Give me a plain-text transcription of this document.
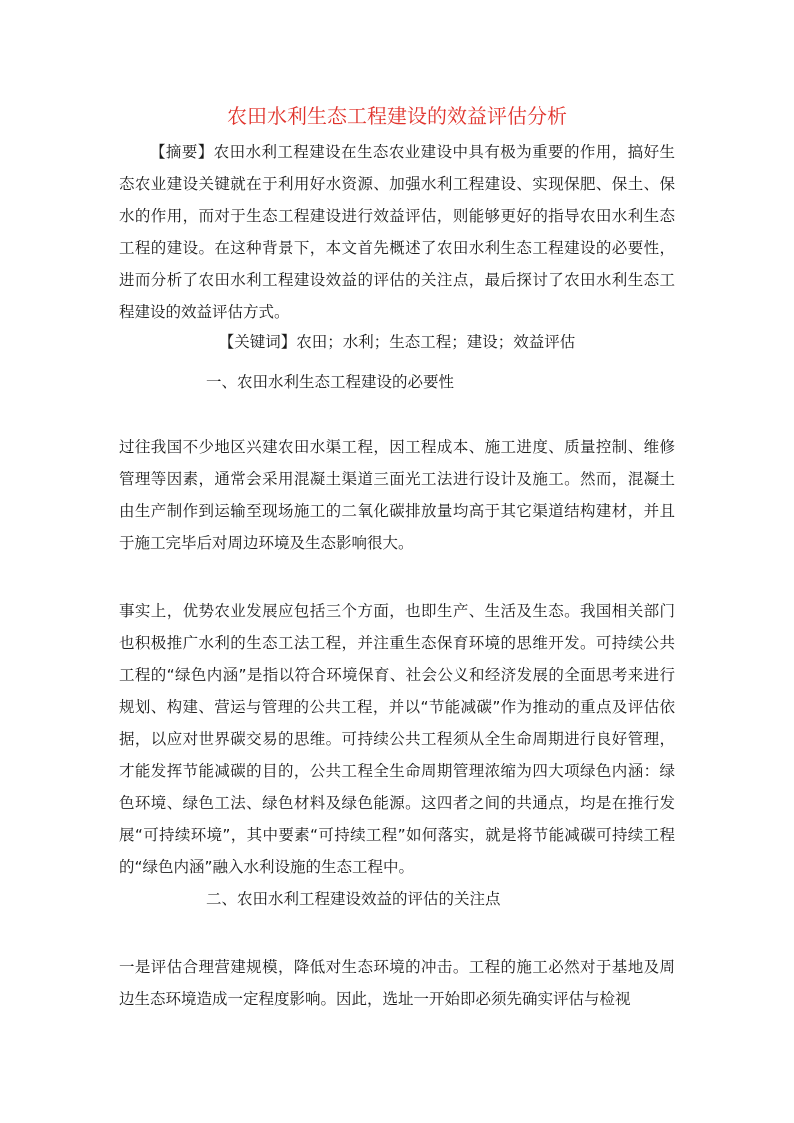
农田水利生态工程建设的效益评估分析

【摘要】农田水利工程建设在生态农业建设中具有极为重要的作用，搞好生态农业建设关键就在于利用好水资源、加强水利工程建设、实现保肥、保土、保水的作用，而对于生态工程建设进行效益评估，则能够更好的指导农田水利生态工程的建设。在这种背景下，本文首先概述了农田水利生态工程建设的必要性，进而分析了农田水利工程建设效益的评估的关注点，最后探讨了农田水利生态工程建设的效益评估方式。

【关键词】农田；水利；生态工程；建设；效益评估

一、农田水利生态工程建设的必要性

过往我国不少地区兴建农田水渠工程，因工程成本、施工进度、质量控制、维修管理等因素，通常会采用混凝土渠道三面光工法进行设计及施工。然而，混凝土由生产制作到运输至现场施工的二氧化碳排放量均高于其它渠道结构建材，并且于施工完毕后对周边环境及生态影响很大。

事实上，优势农业发展应包括三个方面，也即生产、生活及生态。我国相关部门也积极推广水利的生态工法工程，并注重生态保育环境的思维开发。可持续公共工程的“绿色内涵”是指以符合环境保育、社会公义和经济发展的全面思考来进行规划、构建、营运与管理的公共工程，并以“节能减碳”作为推动的重点及评估依据，以应对世界碳交易的思维。可持续公共工程须从全生命周期进行良好管理，才能发挥节能减碳的目的，公共工程全生命周期管理浓缩为四大项绿色内涵：绿色环境、绿色工法、绿色材料及绿色能源。这四者之间的共通点，均是在推行发展“可持续环境”，其中要素“可持续工程”如何落实，就是将节能减碳可持续工程的“绿色内涵”融入水利设施的生态工程中。

二、农田水利工程建设效益的评估的关注点

一是评估合理营建规模，降低对生态环境的冲击。工程的施工必然对于基地及周边生态环境造成一定程度影响。因此，选址一开始即必须先确实评估与检视
